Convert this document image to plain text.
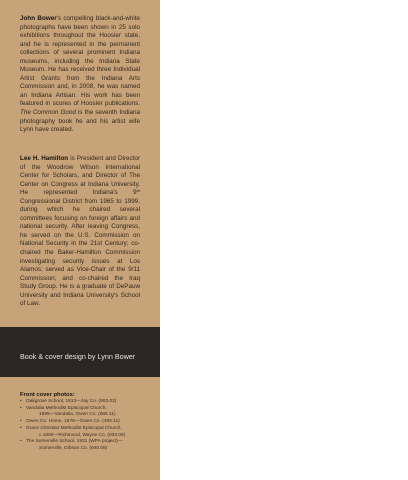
John Bower's compelling black-and-white photographs have been shown in 25 solo exhibitions throughout the Hoosier state, and he is represented in the permanent collections of several prominent Indiana museums, including the Indiana State Museum. He has received three Individual Artist Grants from the Indiana Arts Commission and, in 2008, he was named an Indiana Artisan. His work has been featured in scores of Hoosier publications. The Common Good is the seventh Indiana photography book he and his artist wife Lynn have created.

Lee H. Hamilton is President and Director of the Woodrow Wilson International Center for Scholars, and Director of The Center on Congress at Indiana University. He represented Indiana's 9th Congressional District from 1965 to 1999, during which he chaired several committees focusing on foreign affairs and national security. After leaving Congress, he served on the U.S. Commission on National Security in the 21st Century; co-chaired the Baker-Hamilton Commission investigating security issues at Los Alamos; served as Vice-Chair of the 9/11 Commission; and co-chaired the Iraq Study Group. He is a graduate of DePauw University and Indiana University's School of Law.

Book & cover design by Lynn Bower

Front cover photos:

• Oakgrove School, 1913—Jay Co. (903.02)
• Vandalia Methodist Episcopal Church,
1895—Vandalia, Owen Co. (965.11)
• Owen Co. Home, 1878—Owen Co. (493.11)
• Grace Christian Methodist Episcopal Church,
c.1860—Richmond, Wayne Co. (933.05)
• The Somerville School, 1931 (WPA project)—
Somerville, Gibson Co. (940.08)
